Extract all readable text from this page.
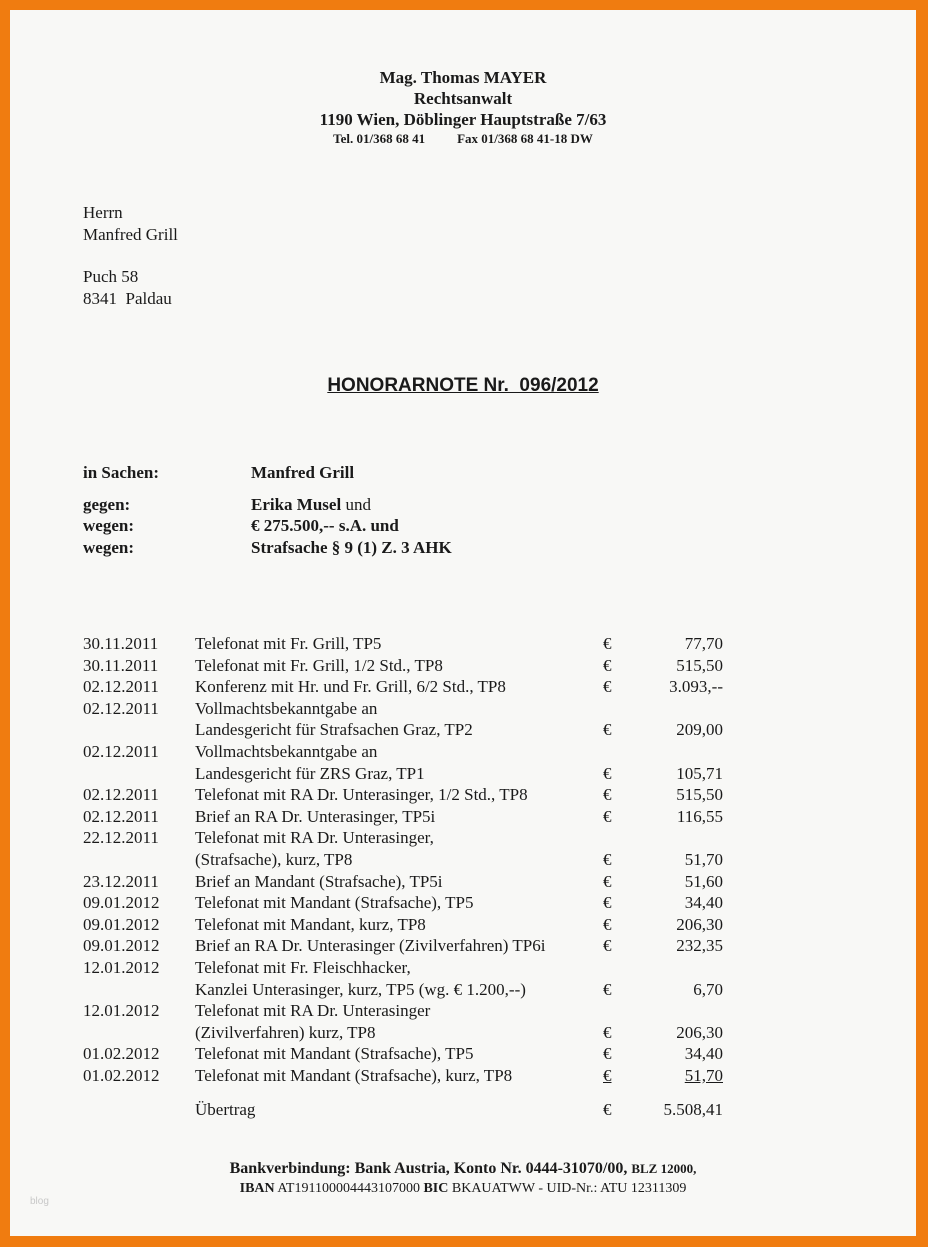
Mag. Thomas MAYER
Rechtsanwalt
1190 Wien, Döblinger Hauptstraße 7/63
Tel. 01/368 68 41 Fax 01/368 68 41-18 DW
Herrn
Manfred Grill
Puch 58
8341  Paldau
HONORARNOTE Nr.  096/2012
in Sachen:	Manfred Grill
gegen:	Erika Musel und
wegen:	€ 275.500,-- s.A. und
wegen:	Strafsache § 9 (1) Z. 3 AHK
30.11.2011	Telefonat mit Fr. Grill, TP5	€	77,70
30.11.2011	Telefonat mit Fr. Grill, 1/2 Std., TP8	€	515,50
02.12.2011	Konferenz mit Hr. und Fr. Grill, 6/2 Std., TP8	€	3.093,--
02.12.2011	Vollmachtsbekanntgabe an
Landesgericht für Strafsachen Graz, TP2	€	209,00
02.12.2011	Vollmachtsbekanntgabe an
Landesgericht für ZRS Graz, TP1	€	105,71
02.12.2011	Telefonat mit RA Dr. Unterasinger, 1/2 Std., TP8	€	515,50
02.12.2011	Brief an RA Dr. Unterasinger, TP5i	€	116,55
22.12.2011	Telefonat mit RA Dr. Unterasinger,
(Strafsache), kurz, TP8	€	51,70
23.12.2011	Brief an Mandant (Strafsache), TP5i	€	51,60
09.01.2012	Telefonat mit Mandant (Strafsache), TP5	€	34,40
09.01.2012	Telefonat mit Mandant, kurz, TP8	€	206,30
09.01.2012	Brief an RA Dr. Unterasinger (Zivilverfahren) TP6i	€	232,35
12.01.2012	Telefonat mit Fr. Fleischhacker,
Kanzlei Unterasinger, kurz, TP5 (wg. € 1.200,--)	€	6,70
12.01.2012	Telefonat mit RA Dr. Unterasinger
(Zivilverfahren) kurz, TP8	€	206,30
01.02.2012	Telefonat mit Mandant (Strafsache), TP5	€	34,40
01.02.2012	Telefonat mit Mandant (Strafsache), kurz, TP8	€	51,70
Übertrag	€	5.508,41
Bankverbindung: Bank Austria, Konto Nr. 0444-31070/00, BLZ 12000,
IBAN AT191100004443107000 BIC BKAUATWW - UID-Nr.: ATU 12311309
blog
